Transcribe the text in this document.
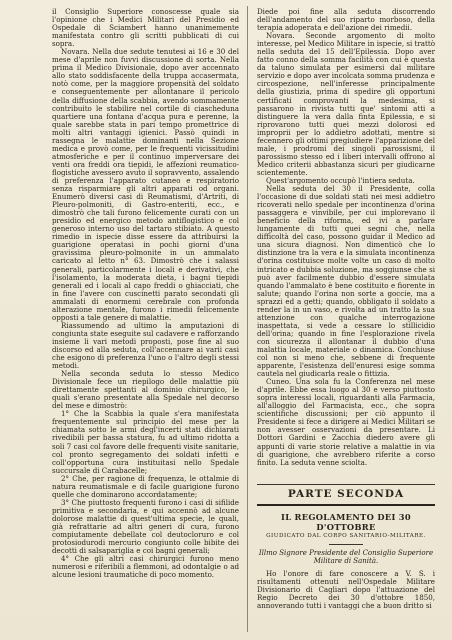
il Consiglio Superiore conoscesse quale sia l'opinione che i Medici Militari del Presidio ed Ospedale di Sciambert hanno unanimemente manifestata contro gli scritti pubblicati di cui sopra.

Novara. Nella due sedute tenutesi ai 16 e 30 del mese d'aprile non fuvvi discussione di sorta. Nella prima il Medico Divisionale, dopo aver accennato allo stato soddisfacente della truppa accasermata, notò come, per la maggiore propensità del soldato e conseguentemente per allontanare il pericolo della diffusione della scabbia, avendo sommamente contribuito le stabilire nel cortile di ciascheduna quartiere una fontana d'acqua pura e perenne, la quale sarebbe stata in pari tempo promettrice di molti altri vantaggi igienici. Passò quindi in rassegna le malattie dominanti nella Sezione medica e provò come, per le frequenti vicissitudini atmosferiche e per il continuo imperversare dei venti ora freddi ora tiepidi, le affezioni reumatico-flogistiche avessero avuto il sopravvento, assalendo di preferenza l'apparato cutaneo e respiratorio senza risparmiare gli altri apparati od organi. Enumerò diversi casi di Reumatismi, d'Artriti, di Pleuro-polmoniti, di Gastro-enteriti, ecc., e dimostrò che tali furono felicemente curati con un presidio ed energico metodo antiflogistico e col generoso interno uso del tartaro stibiato. A questo rimedio in ispecie disse essere da attribuirsi la guarigione operatasi in pochi giorni d'una gravissima pleuro-polmonite in un ammalato caricato al letto n° 63. Dimostrò che i salassi generali, particolarmente i locali e derivativi, che l'isolamento, la moderata dieta, i bagni tiepidi generali ed i locali al capo freddi o ghiacciati, che in fine l'avere con cuscinetti parato secondati gli ammalati di enormemi cerebrale con profonda alterazione mentale, furono i rimedii felicemente opposti a tale genere di malattie.

Riassumendo ad ultimo la amputazioni di congiunta state eseguite sul cadavere e rafforzando insieme li vari metodi proposti, pose fine al suo discorso ed alla seduta, coll'accennare ai varii casi che esigono di preferenza l'uno o l'altro degli stessi metodi.

Nella seconda seduta lo stesso Medico Divisionale fece un riepilogo delle malattie più direttamente spettanti al dominio chirurgico, le quali s'erano presentate alla Spedale nel decorso del mese e dimostrò:

1° Che la Scabbia la quale s'era manifestata frequentemente sul principio del mese per la chiamata sotto le armi degl'incerti stati dichiarati rivedibili per bassa statura, fu ad ultimo ridotta a soli 7 casi col favore delle frequenti visite sanitarie, col pronto segregamento dei soldati infetti e coll'opportuna cura instituitasi nello Spedale succursale di Carabacelle;

2° Che, per ragione di frequenza, le ottalmie di natura reumatismale e di facile guarigione furono quelle che dominarono accordatamente;

3° Che piuttosto frequenti furono i casi di sifilide primitiva e secondaria, e qui accennò ad alcune dolorose malattie di quest'ultima specie, le quali, già refrattarie ad altri generi di cura, furono compiutamente debellate col deutocloruro e col protosiodurodi mercurio congiunto colle bibite dei decotti di salsapariglia e coi bagni generali;

4° Che gli altri casi chirurgici furono meno numerosi e riferibili a flemmoni, ad odontalgie o ad alcune lesioni traumatiche di poco momento.

Diede poi fine alla seduta discorrendo dell'andamento del suo riparto morboso, della terapia adoperata e dell'azione dei rimedii.

Novara. Seconde argomento di molto interesse, pel Medico Militare in ispecie, si trattò nella seduta del 15 dell'Epilessia. Dopo aver fatto conno della somma facilità con cui è questa da taluno simulata per esimersi dal militare servizio e dopo aver incolcata somma prudenza e circospezione, nell'inferesse principalmente della giustizia, prima di spedire gli opportuni certificati comprovanti la medesima, si passarono in rivista tutti que' sintomi atti a distinguere la vera dalla finta Epilessia, e si riprovarono tutti quei mezzi dolorosi ed improprii per lo addietro adottati, mentre si fecennero gli ottimi pregiudiere l'apparizione del male, i prodromi dei singoli parossismi, il parossismo stesso ed i liberi intervalli offrono al Medico criterii abbastanza sicuri per giudicarne scientemente.

Quest'argomento occupò l'intiera seduta.

Nella seduta del 30 il Presidente, colla l'occasione di due soldati stati nei mesi addietro ricoverati nello spedale per incontinenza d'orina passaggera e vinvibile, per cui implorevano il beneficio della riforma, ed ivi a parlare lungamente di tutti quei segni che, nella difficoltà del caso, possono guidar il Medico ad una sicura diagnosi. Non dimenticò che lo distinzione tra la vera e la simulata incontinenza d'orina costituisce molte volte un caso di molto intricato e dubbia soluzione, ma soggiunse che si può aver facilmente dubbio d'essere simulata quando l'ammalato è bene costituito e fiorente in salute; quando l'orina non sorte a goccie, ma a sprazzi ed a getti; quando, obbligato il soldato a render la in un vaso, e rivolta ad un tratto la sua attenzione con qualche interrogazione inaspettata, si vede a cessare lo stillicidio dell'orina; quando in fine l'esplorazione rivela con sicurezza il allontanar il dubbio d'una malattia locale, materiale o dinamica. Conchiuse col non si meno che, sebbene di frequente apparente, l'esistenza dell'enuresi esige somma cautela nel giudicarla reale o fittizia.

Cuneo. Una sola fu la Conferenza nel mese d'aprile. Ebbe essa luogo al 30 e verso piuttosto sopra interessi locali, riguardanti alla Farmacia, all'alloggio del Farmacista, ecc., che sopra scientifiche discussioni; per ciò appunto il Presidente si fece a dirigere ai Medici Militari se non avesser osservazioni da presentare. Li Dottori Gardini e Zacchia diedero avere gli appunti di varie storie relative a malattie in via di guarigione, che avrebbero riferite a corso finito. La seduta venne sciolta.

PARTE SECONDA
IL REGOLAMENTO DEI 30 D'OTTOBRE
GIUDICATO DAL CORPO SANITARIO-MILITARE.
Illmo Signore Presidente del Consiglio Superiore Militare di Sanità.

Ho l'onore di fare conoscere a V. S. i risultamenti ottenuti nell'Ospedale Militare Divisionario di Cagliari dopo l'attuazione del Regio Decreto dei 30 d'ottobre 1850, annoverando tutti i vantaggi che a buon dritto si
